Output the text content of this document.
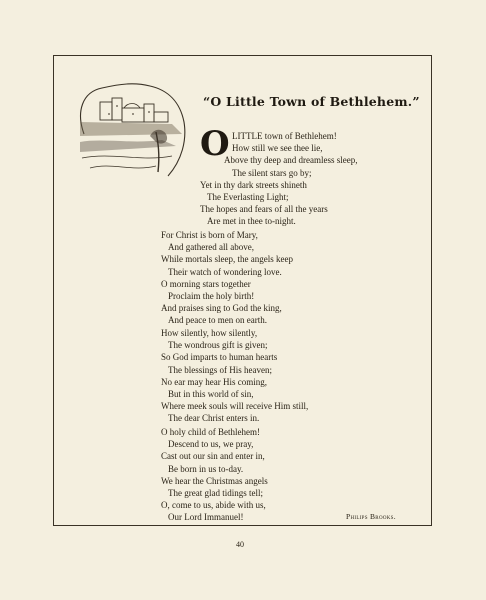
“O Little Town of Bethlehem.”
O LITTLE town of Bethlehem!
How still we see thee lie,
Above thy deep and dreamless sleep,
The silent stars go by;
Yet in thy dark streets shineth
The Everlasting Light;
The hopes and fears of all the years
Are met in thee to-night.
For Christ is born of Mary,
And gathered all above,
While mortals sleep, the angels keep
Their watch of wondering love.
O morning stars together
Proclaim the holy birth!
And praises sing to God the king,
And peace to men on earth.
How silently, how silently,
The wondrous gift is given;
So God imparts to human hearts
The blessings of His heaven;
No ear may hear His coming,
But in this world of sin,
Where meek souls will receive Him still,
The dear Christ enters in.
O holy child of Bethlehem!
Descend to us, we pray,
Cast out our sin and enter in,
Be born in us to-day.
We hear the Christmas angels
The great glad tidings tell;
O, come to us, abide with us,
Our Lord Immanuel!	Philips Brooks.
40
